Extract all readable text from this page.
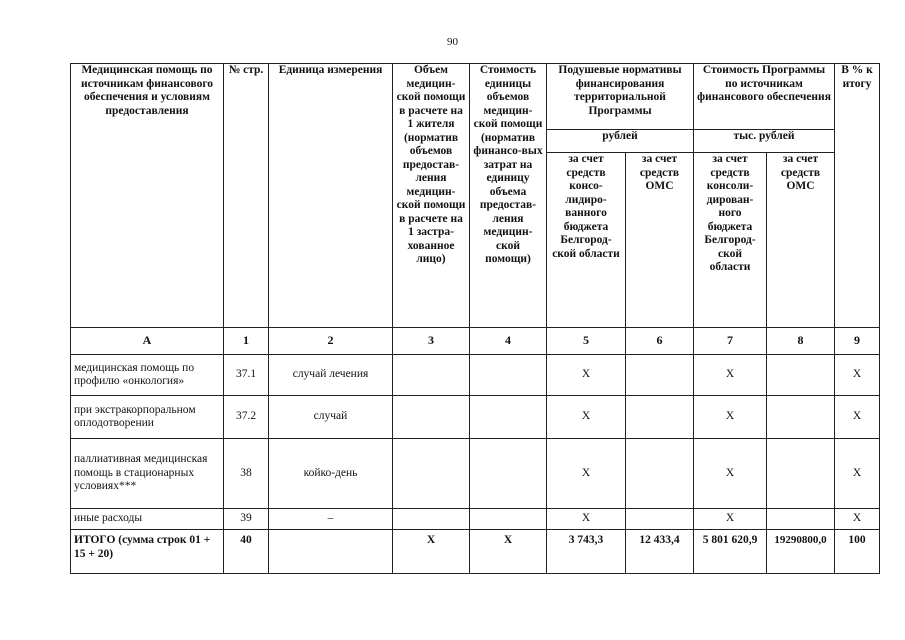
90
Медицинская помощь по источникам финансового обеспечения и условиям предоставления	№ стр.	Единица измерения	Объем медицин-ской помощи в расчете на 1 жителя (норматив объемов предостав-ления медицин-ской помощи в расчете на 1 застра-хованное лицо)	Стоимость единицы объемов медицин-ской помощи (норматив финансо-вых затрат на единицу объема предостав-ления медицин-ской помощи)	Подушевые нормативы финансирования территориальной Программы		Стоимость Программы по источникам финансового обеспечения		В % к итогу
					рублей		тыс. рублей		
					за счет средств консо-лидиро-ванного бюджета Белгород-ской области	за счет средств ОМС	за счет средств консоли-дирован-ного бюджета Белгород-ской области	за счет средств ОМС	
А	1	2	3	4	5	6	7	8	9
медицинская помощь по профилю «онкология»	37.1	случай лечения			X		X		X
при экстракорпоральном оплодотворении	37.2	случай			X		X		X
паллиативная медицинская помощь в стационарных условиях***	38	койко-день			X		X		X
иные расходы	39	–			X		X		X
ИТОГО (сумма строк 01 + 15 + 20)	40		X	X	3 743,3	12 433,4	5 801 620,9	19290800,0	100
